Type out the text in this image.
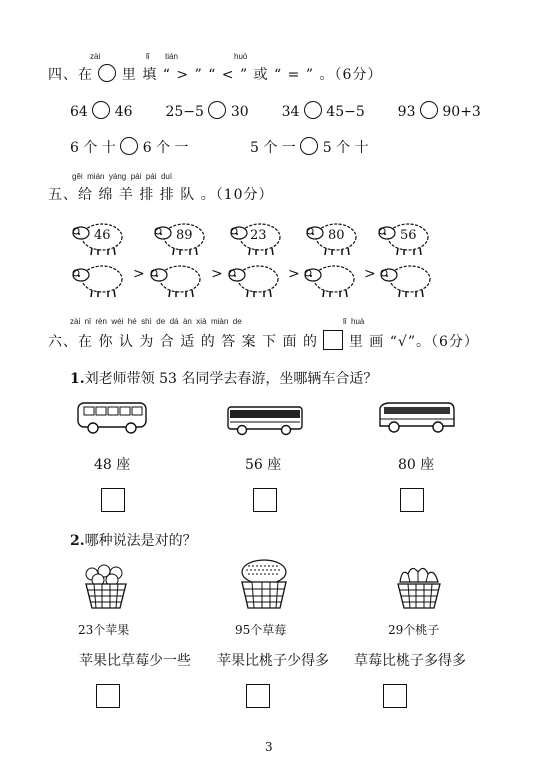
zài	lǐ tián	huò
四、在 里 填 “ > ” “ < ” 或 “ = ” 。（6分）
64 46 25−5 30 34 45−5 93 90+3
6 个 十 6 个 一	5 个 一 5 个 十
gěi  mián  yáng  pái  pái  duì
五、给 绵 羊 排 排 队 。（10分）
46	89	23	80	56
>	>	>	>
zài  nǐ  rèn  wéi  hé  shì  de  dá  àn  xià  miàn  de	lǐ  huà
六、在 你 认 为 合 适 的 答 案 下 面 的 里 画 “√”。（6分）
1.刘老师带领 53 名同学去春游，坐哪辆车合适？
48 座	56 座	80 座
2.哪种说法是对的？
23个苹果	95个草莓	29个桃子
苹果比草莓少一些 苹果比桃子少得多 草莓比桃子多得多
3
